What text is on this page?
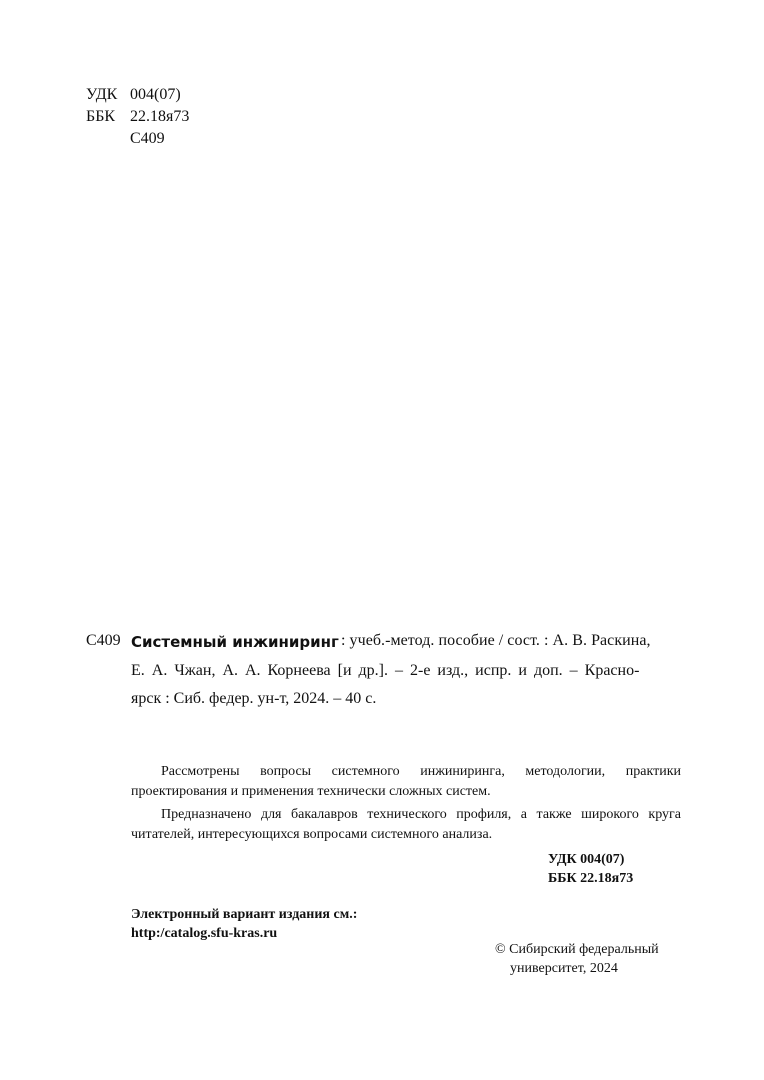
УДК 004(07)
ББК 22.18я73
С409
С409 Системный инжиниринг : учеб.-метод. пособие / сост. : А. В. Раскина,
Е. А. Чжан, А. А. Корнеева [и др.]. – 2-е изд., испр. и доп. – Красно-
ярск : Сиб. федер. ун-т, 2024. – 40 с.

Рассмотрены вопросы системного инжиниринга, методологии, практики проектирования и применения технически сложных систем.

Предназначено для бакалавров технического профиля, а также широкого круга читателей, интересующихся вопросами системного анализа.

УДК 004(07)
ББК 22.18я73
Электронный вариант издания см.:
http:/catalog.sfu-kras.ru
© Сибирский федеральный
университет, 2024
